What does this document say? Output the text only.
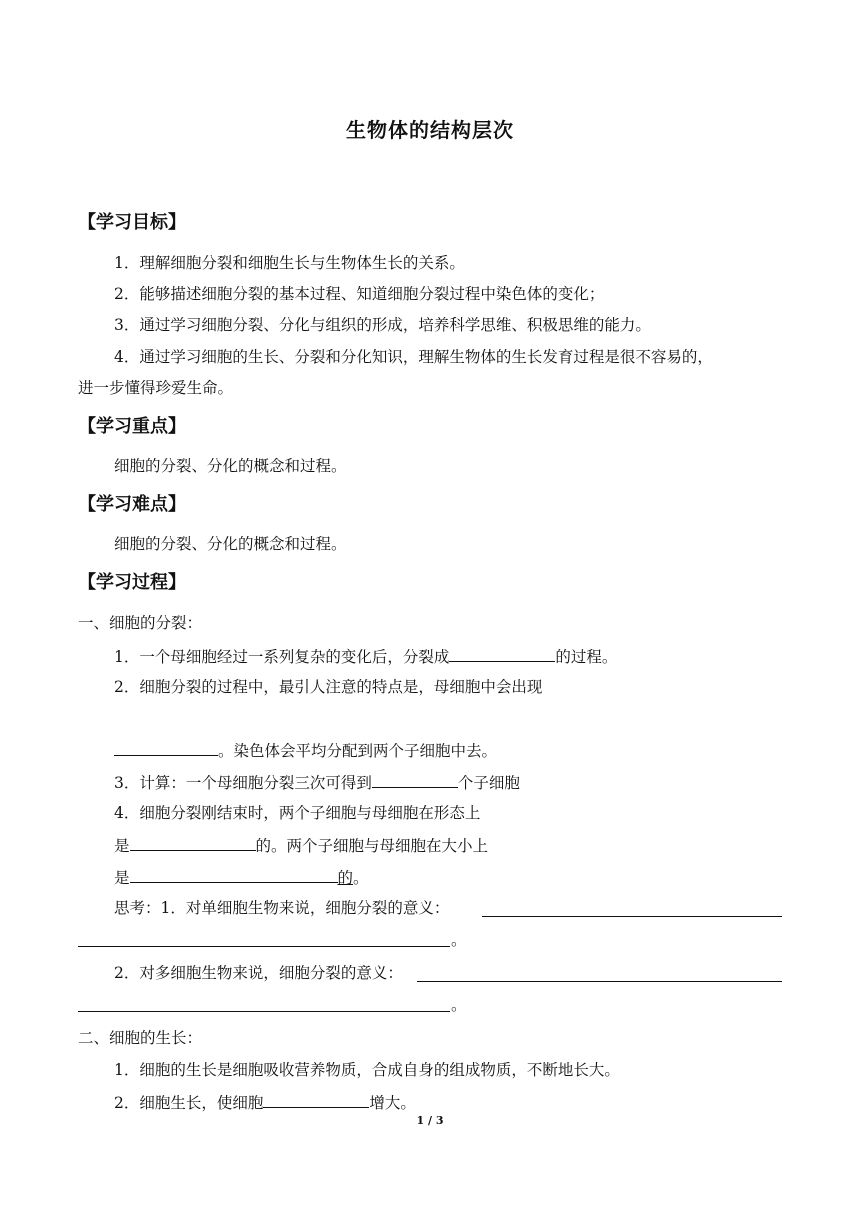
生物体的结构层次
【学习目标】
1．理解细胞分裂和细胞生长与生物体生长的关系。
2．能够描述细胞分裂的基本过程、知道细胞分裂过程中染色体的变化；
3．通过学习细胞分裂、分化与组织的形成，培养科学思维、积极思维的能力。
4．通过学习细胞的生长、分裂和分化知识，理解生物体的生长发育过程是很不容易的，
进一步懂得珍爱生命。
【学习重点】
细胞的分裂、分化的概念和过程。
【学习难点】
细胞的分裂、分化的概念和过程。
【学习过程】
一、细胞的分裂：
1．一个母细胞经过一系列复杂的变化后，分裂成	的过程。
2．细胞分裂的过程中，最引人注意的特点是，母细胞中会出现
。染色体会平均分配到两个子细胞中去。
3．计算：一个母细胞分裂三次可得到	个子细胞
4．细胞分裂刚结束时，两个子细胞与母细胞在形态上
是	的。两个子细胞与母细胞在大小上
是	的。
思考：1．对单细胞生物来说，细胞分裂的意义：
。
2．对多细胞生物来说，细胞分裂的意义：
。
二、细胞的生长：
1．细胞的生长是细胞吸收营养物质，合成自身的组成物质，不断地长大。
2．细胞生长，使细胞	增大。
1 / 3
